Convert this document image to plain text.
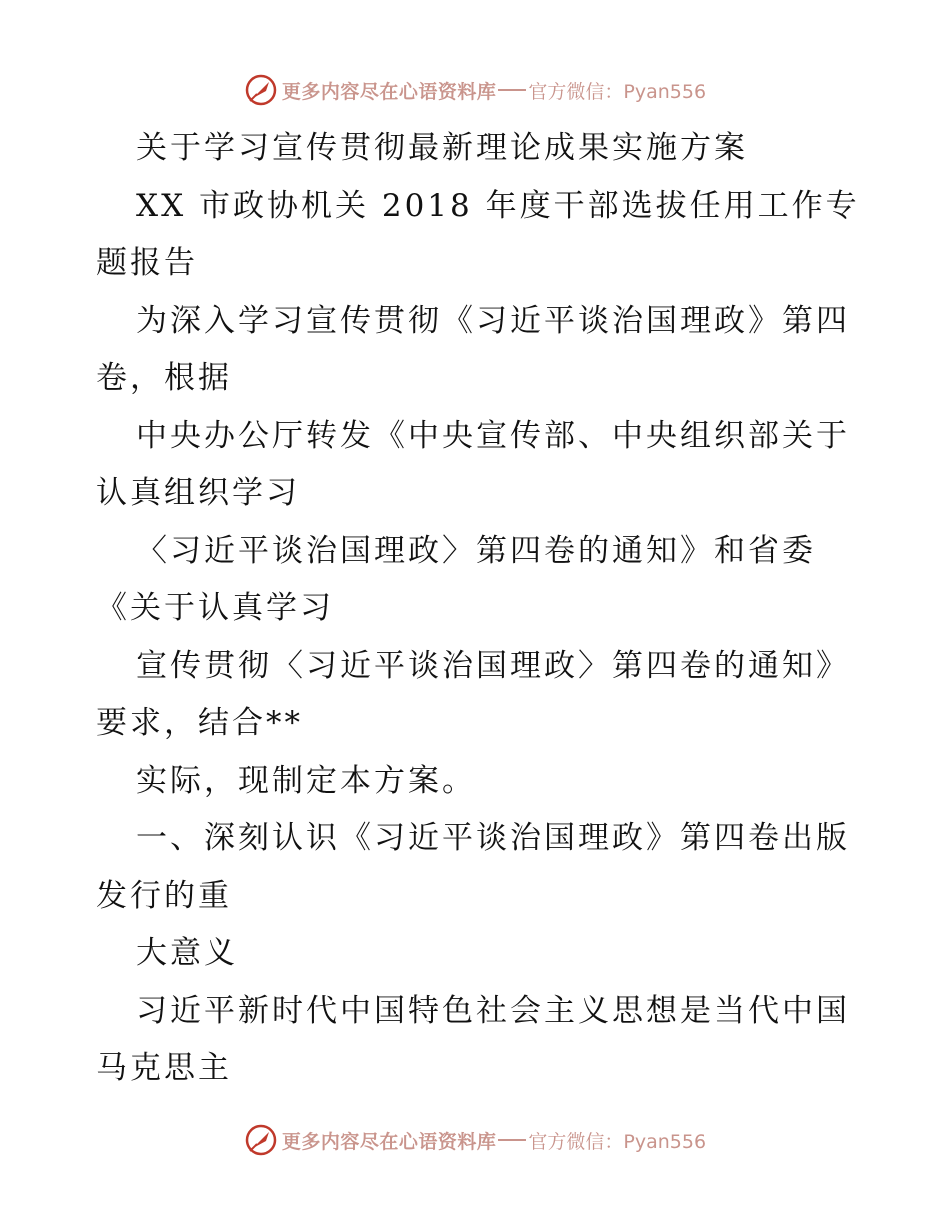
更多内容尽在心语资料库 官方微信：Pyan556
关于学习宣传贯彻最新理论成果实施方案
XX 市政协机关 2018 年度干部选拔任用工作专
题报告
为深入学习宣传贯彻《习近平谈治国理政》第四
卷，根据
中央办公厅转发《中央宣传部、中央组织部关于
认真组织学习
〈习近平谈治国理政〉第四卷的通知》和省委
《关于认真学习
宣传贯彻〈习近平谈治国理政〉第四卷的通知》
要求，结合**
实际，现制定本方案。
一、深刻认识《习近平谈治国理政》第四卷出版
发行的重
大意义
习近平新时代中国特色社会主义思想是当代中国
马克思主
更多内容尽在心语资料库 官方微信：Pyan556
